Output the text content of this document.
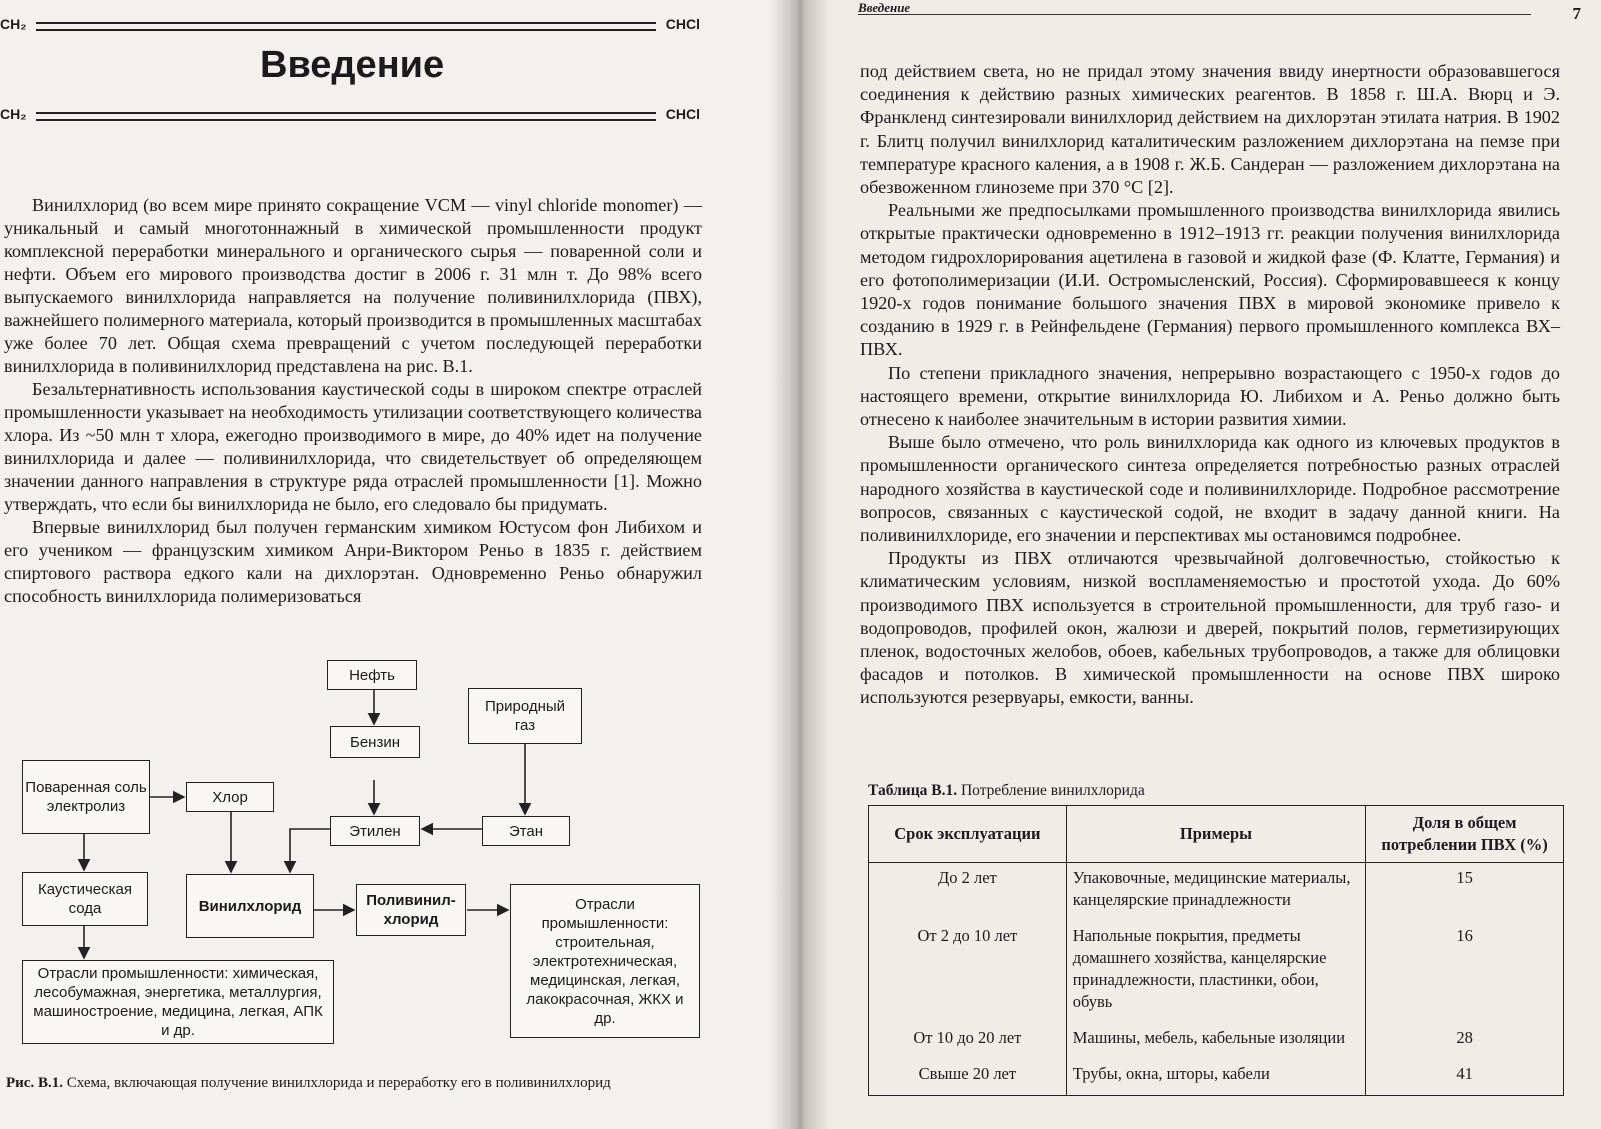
CH₂	CHCl
Введение
CH₂	CHCl

Винилхлорид (во всем мире принято сокращение VCM — vinyl chloride monomer) — уникальный и самый многотоннажный в химической промышленности продукт комплексной переработки минерального и органического сырья — поваренной соли и нефти. Объем его мирового производства достиг в 2006 г. 31 млн т. До 98% всего выпускаемого винилхлорида направляется на получение поливинилхлорида (ПВХ), важнейшего полимерного материала, который производится в промышленных масштабах уже более 70 лет. Общая схема превращений с учетом последующей переработки винилхлорида в поливинилхлорид представлена на рис. В.1.

Безальтернативность использования каустической соды в широком спектре отраслей промышленности указывает на необходимость утилизации соответствующего количества хлора. Из ~50 млн т хлора, ежегодно производимого в мире, до 40% идет на получение винилхлорида и далее — поливинилхлорида, что свидетельствует об определяющем значении данного направления в структуре ряда отраслей промышленности [1]. Можно утверждать, что если бы винилхлорида не было, его следовало бы придумать.

Впервые винилхлорид был получен германским химиком Юстусом фон Либихом и его учеником — французским химиком Анри-Виктором Реньо в 1835 г. действием спиртового раствора едкого кали на дихлорэтан. Одновременно Реньо обнаружил способность винилхлорида полимеризоваться

Поваренная соль электролиз
Хлор
Каустическая сода
Отрасли промышленности: химическая, лесобумажная, энергетика, металлургия, машиностроение, медицина, легкая, АПК и др.
Нефть
Бензин
Этилен
Природный газ
Этан
Винилхлорид	Поливинил-хлорид
Отрасли промышленности: строительная, электротехническая, медицинская, легкая, лакокрасочная, ЖКХ и др.
Рис. В.1. Схема, включающая получение винилхлорида и переработку его в поливинилхлорид
Введение	7

под действием света, но не придал этому значения ввиду инертности образовавшегося соединения к действию разных химических реагентов. В 1858 г. Ш.А. Вюрц и Э. Франкленд синтезировали винилхлорид действием на дихлорэтан этилата натрия. В 1902 г. Блитц получил винилхлорид каталитическим разложением дихлорэтана на пемзе при температуре красного каления, а в 1908 г. Ж.Б. Сандеран — разложением дихлорэтана на обезвоженном глиноземе при 370 °C [2].

Реальными же предпосылками промышленного производства винилхлорида явились открытые практически одновременно в 1912–1913 гг. реакции получения винилхлорида методом гидрохлорирования ацетилена в газовой и жидкой фазе (Ф. Клатте, Германия) и его фотополимеризации (И.И. Остромысленский, Россия). Сформировавшееся к концу 1920-х годов понимание большого значения ПВХ в мировой экономике привело к созданию в 1929 г. в Рейнфельдене (Германия) первого промышленного комплекса ВХ–ПВХ.

По степени прикладного значения, непрерывно возрастающего с 1950-х годов до настоящего времени, открытие винилхлорида Ю. Либихом и А. Реньо должно быть отнесено к наиболее значительным в истории развития химии.

Выше было отмечено, что роль винилхлорида как одного из ключевых продуктов в промышленности органического синтеза определяется потребностью разных отраслей народного хозяйства в каустической соде и поливинилхлориде. Подробное рассмотрение вопросов, связанных с каустической содой, не входит в задачу данной книги. На поливинилхлориде, его значении и перспективах мы остановимся подробнее.

Продукты из ПВХ отличаются чрезвычайной долговечностью, стойкостью к климатическим условиям, низкой воспламеняемостью и простотой ухода. До 60% производимого ПВХ используется в строительной промышленности, для труб газо- и водопроводов, профилей окон, жалюзи и дверей, покрытий полов, герметизирующих пленок, водосточных желобов, обоев, кабельных трубопроводов, а также для облицовки фасадов и потолков. В химической промышленности на основе ПВХ широко используются резервуары, емкости, ванны.

Таблица В.1. Потребление винилхлорида
Срок эксплуатации	Примеры	Доля в общем потреблении ПВХ (%)
До 2 лет	Упаковочные, медицинские материалы, канцелярские принадлежности	15
От 2 до 10 лет	Напольные покрытия, предметы домашнего хозяйства, канцелярские принадлежности, пластинки, обои, обувь	16
От 10 до 20 лет	Машины, мебель, кабельные изоляции	28
Свыше 20 лет	Трубы, окна, шторы, кабели	41
